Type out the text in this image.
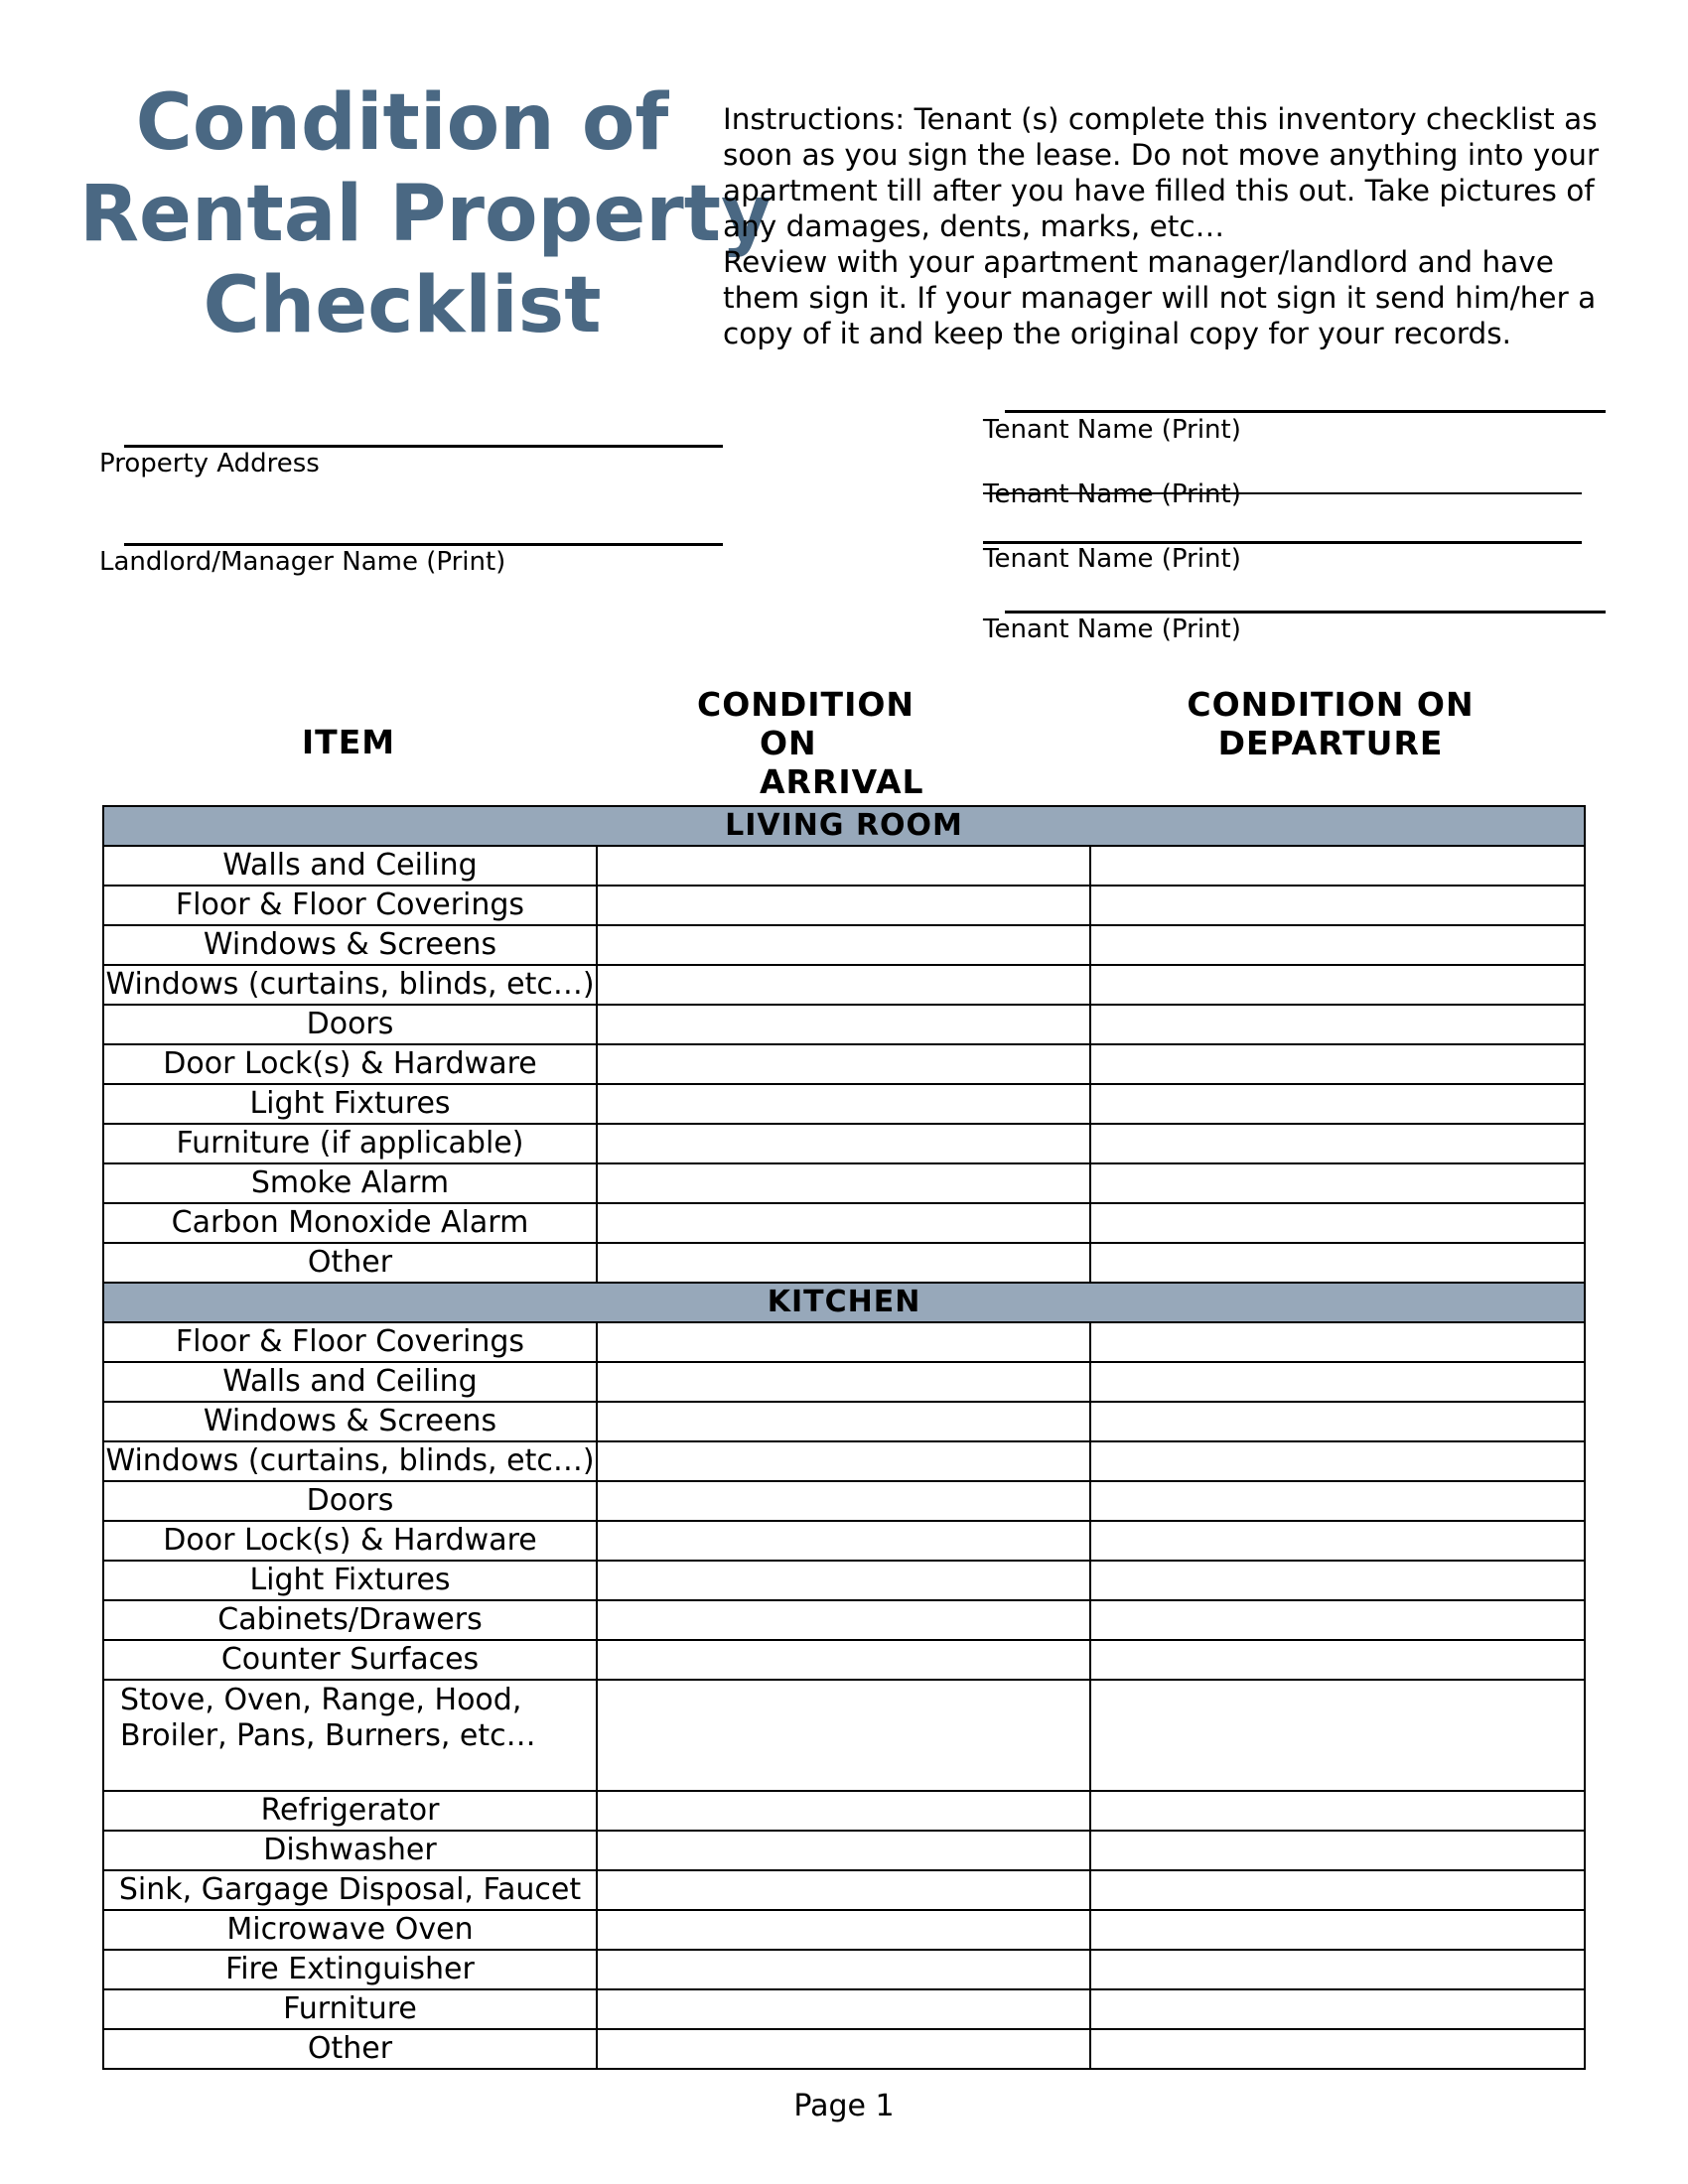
Condition of
Rental Property
Checklist
Instructions: Tenant (s) complete this inventory checklist as
soon as you sign the lease. Do not move anything into your
apartment till after you have filled this out. Take pictures of
any damages, dents, marks, etc…
Review with your apartment manager/landlord and have
them sign it. If your manager will not sign it send him/her a
copy of it and keep the original copy for your records.
Property Address
Landlord/Manager Name (Print)
Tenant Name (Print)
Tenant Name (Print)
Tenant Name (Print)
Tenant Name (Print)
ITEM
CONDITION
ON
ARRIVAL
CONDITION ON
DEPARTURE
LIVING ROOM		
Walls and Ceiling		
Floor & Floor Coverings		
Windows & Screens		
Windows (curtains, blinds, etc…)		
Doors		
Door Lock(s) & Hardware		
Light Fixtures		
Furniture (if applicable)		
Smoke Alarm		
Carbon Monoxide Alarm		
Other		
KITCHEN		
Floor & Floor Coverings		
Walls and Ceiling		
Windows & Screens		
Windows (curtains, blinds, etc…)		
Doors		
Door Lock(s) & Hardware		
Light Fixtures		
Cabinets/Drawers		
Counter Surfaces		
Stove, Oven, Range, Hood, Broiler, Pans, Burners, etc…		
Refrigerator		
Dishwasher		
Sink, Gargage Disposal, Faucet		
Microwave Oven		
Fire Extinguisher		
Furniture		
Other		
Page 1
